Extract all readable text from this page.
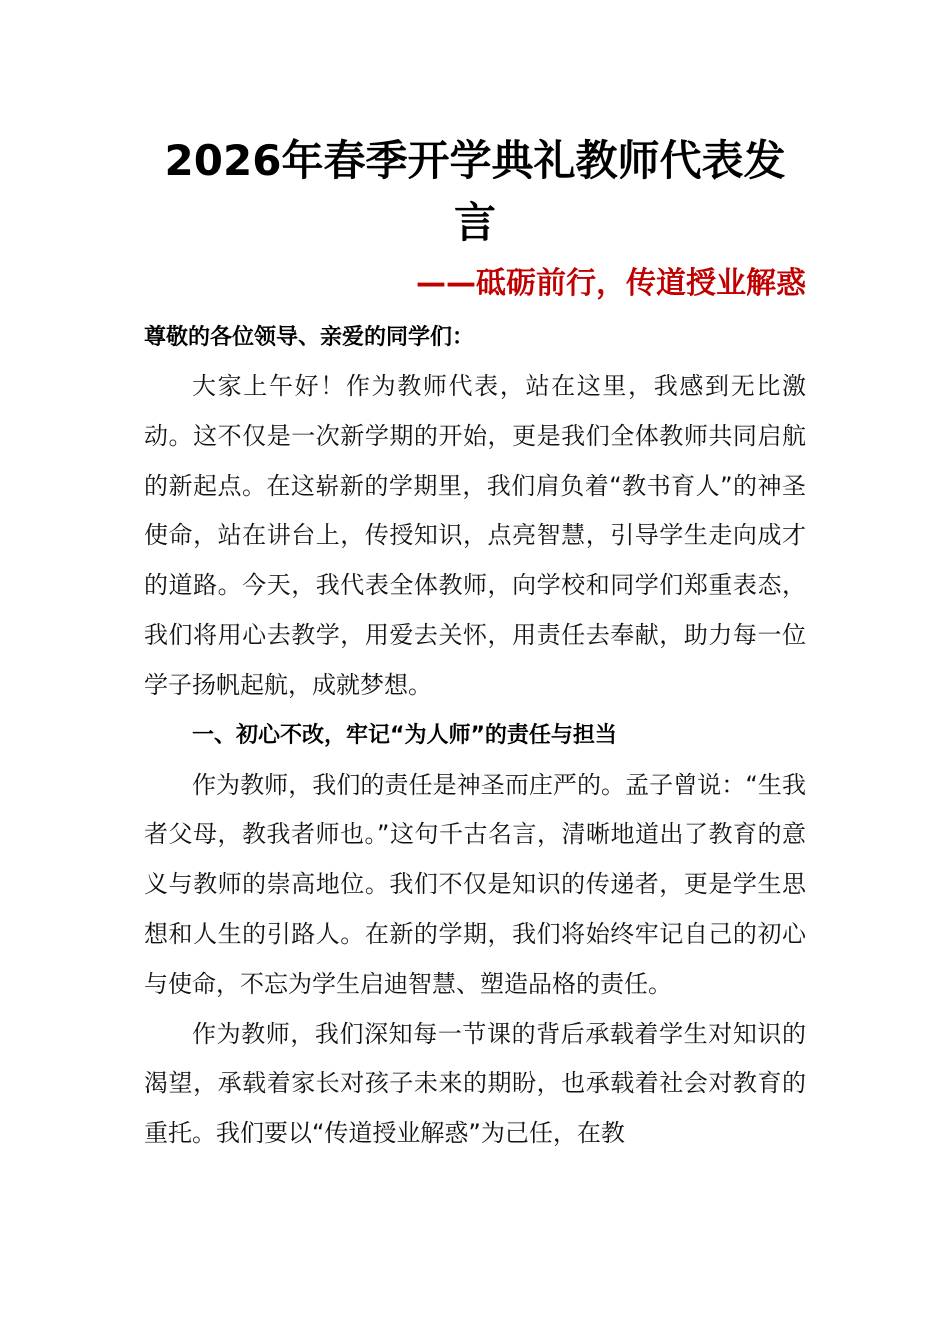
2026年春季开学典礼教师代表发言
——砥砺前行，传道授业解惑
尊敬的各位领导、亲爱的同学们：

大家上午好！作为教师代表，站在这里，我感到无比激动。这不仅是一次新学期的开始，更是我们全体教师共同启航的新起点。在这崭新的学期里，我们肩负着“教书育人”的神圣使命，站在讲台上，传授知识，点亮智慧，引导学生走向成才的道路。今天，我代表全体教师，向学校和同学们郑重表态，我们将用心去教学，用爱去关怀，用责任去奉献，助力每一位学子扬帆起航，成就梦想。

一、初心不改，牢记“为人师”的责任与担当

作为教师，我们的责任是神圣而庄严的。孟子曾说：“生我者父母，教我者师也。”这句千古名言，清晰地道出了教育的意义与教师的崇高地位。我们不仅是知识的传递者，更是学生思想和人生的引路人。在新的学期，我们将始终牢记自己的初心与使命，不忘为学生启迪智慧、塑造品格的责任。

作为教师，我们深知每一节课的背后承载着学生对知识的渴望，承载着家长对孩子未来的期盼，也承载着社会对教育的重托。我们要以“传道授业解惑”为己任，在教
